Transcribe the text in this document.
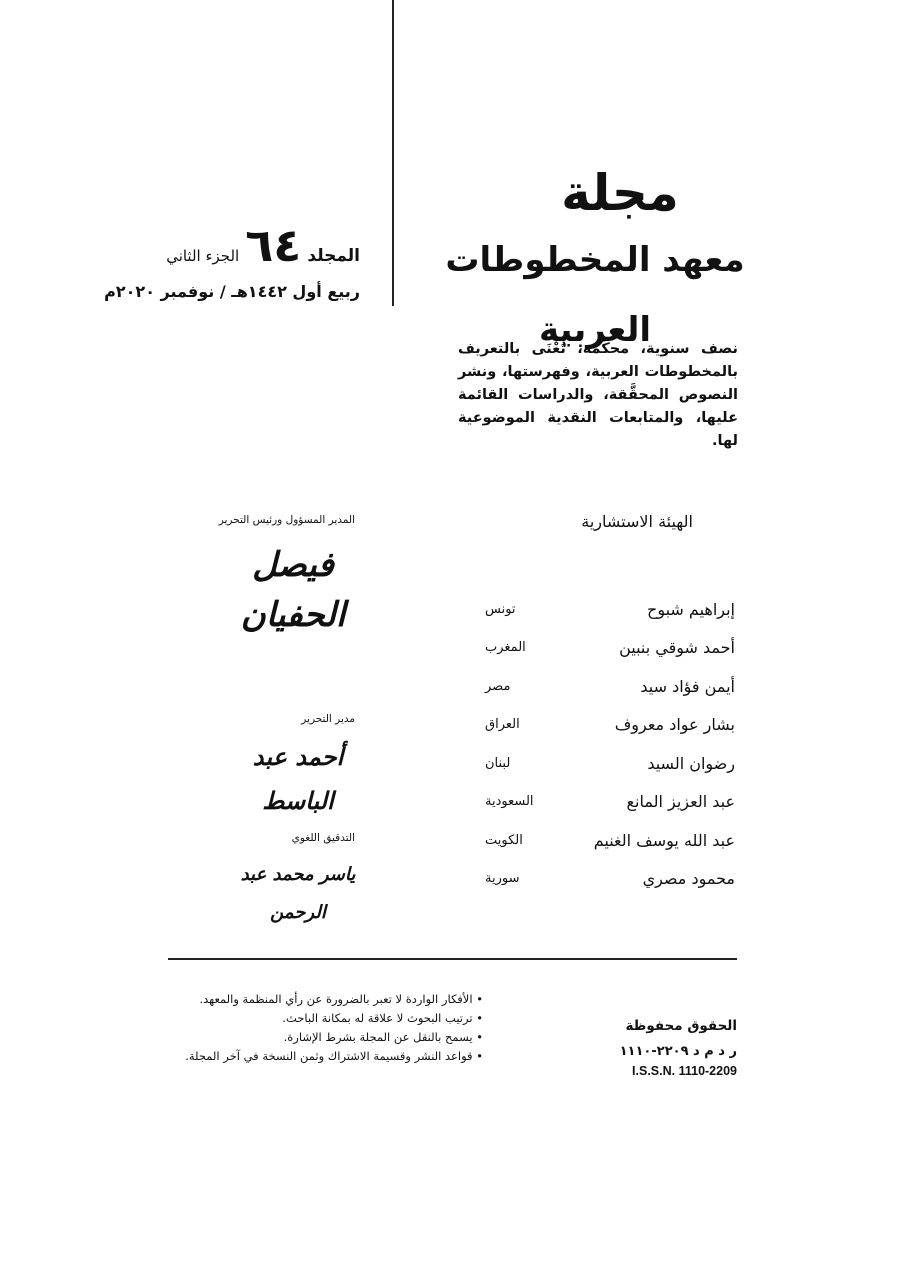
مجلة
معهد المخطوطات العربية
المجلد
٦٤
الجزء الثاني
ربيع أول ١٤٤٢هـ / نوفمبر ٢٠٢٠م
نصف سنوية، محكّمة، تُعْنَى بالتعريف بالمخطوطات العربية، وفهرستها، ونشر النصوص المحقَّقة، والدراسات القائمة عليها، والمتابعات النقدية الموضوعية لها.
الهيئة الاستشارية
إبراهيم شبوح
تونس
أحمد شوقي بنبين
المغرب
أيمن فؤاد سيد
مصر
بشار عواد معروف
العراق
رضوان السيد
لبنان
عبد العزيز المانع
السعودية
عبد الله يوسف الغنيم
الكويت
محمود مصري
سورية
المدير المسؤول ورئيس التحرير
فيصل الحفيان
مدير التحرير
أحمد عبد الباسط
التدقيق اللغوي
ياسر محمد عبد الرحمن
• الأفكار الواردة لا تعبر بالضرورة عن رأي المنظمة والمعهد.
• ترتيب البحوث لا علاقة له بمكانة الباحث.
• يسمح بالنقل عن المجلة بشرط الإشارة.
• قواعد النشر وقسيمة الاشتراك وثمن النسخة في آخر المجلة.
الحقوق محفوظة
ر د م د ٢٢٠٩-١١١٠
I.S.S.N. 1110-2209
